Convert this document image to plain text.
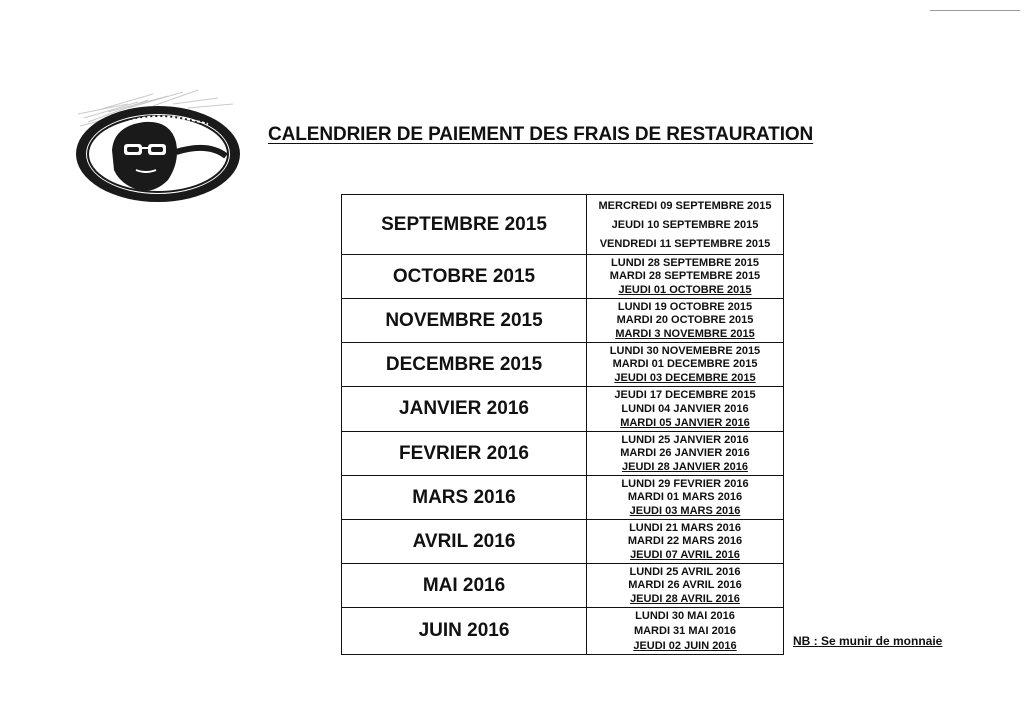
CALENDRIER DE PAIEMENT DES FRAIS DE RESTAURATION
SEPTEMBRE 2015
MERCREDI 09 SEPTEMBRE 2015
JEUDI 10 SEPTEMBRE 2015
VENDREDI 11 SEPTEMBRE 2015
OCTOBRE 2015
LUNDI 28 SEPTEMBRE 2015
MARDI 28 SEPTEMBRE 2015
JEUDI 01 OCTOBRE 2015
NOVEMBRE 2015
LUNDI 19 OCTOBRE 2015
MARDI 20 OCTOBRE 2015
MARDI 3 NOVEMBRE 2015
DECEMBRE 2015
LUNDI 30 NOVEMEBRE 2015
MARDI 01 DECEMBRE 2015
JEUDI 03 DECEMBRE 2015
JANVIER 2016
JEUDI 17 DECEMBRE 2015
LUNDI 04 JANVIER 2016
MARDI 05 JANVIER 2016
FEVRIER 2016
LUNDI 25 JANVIER 2016
MARDI 26 JANVIER 2016
JEUDI 28 JANVIER 2016
MARS 2016
LUNDI 29 FEVRIER 2016
MARDI 01 MARS 2016
JEUDI 03 MARS 2016
AVRIL 2016
LUNDI 21 MARS 2016
MARDI 22 MARS 2016
JEUDI 07 AVRIL 2016
MAI 2016
LUNDI 25 AVRIL 2016
MARDI 26 AVRIL 2016
JEUDI 28 AVRIL 2016
JUIN 2016
LUNDI 30 MAI 2016
MARDI 31 MAI 2016
JEUDI 02 JUIN 2016	NB : Se munir de monnaie
